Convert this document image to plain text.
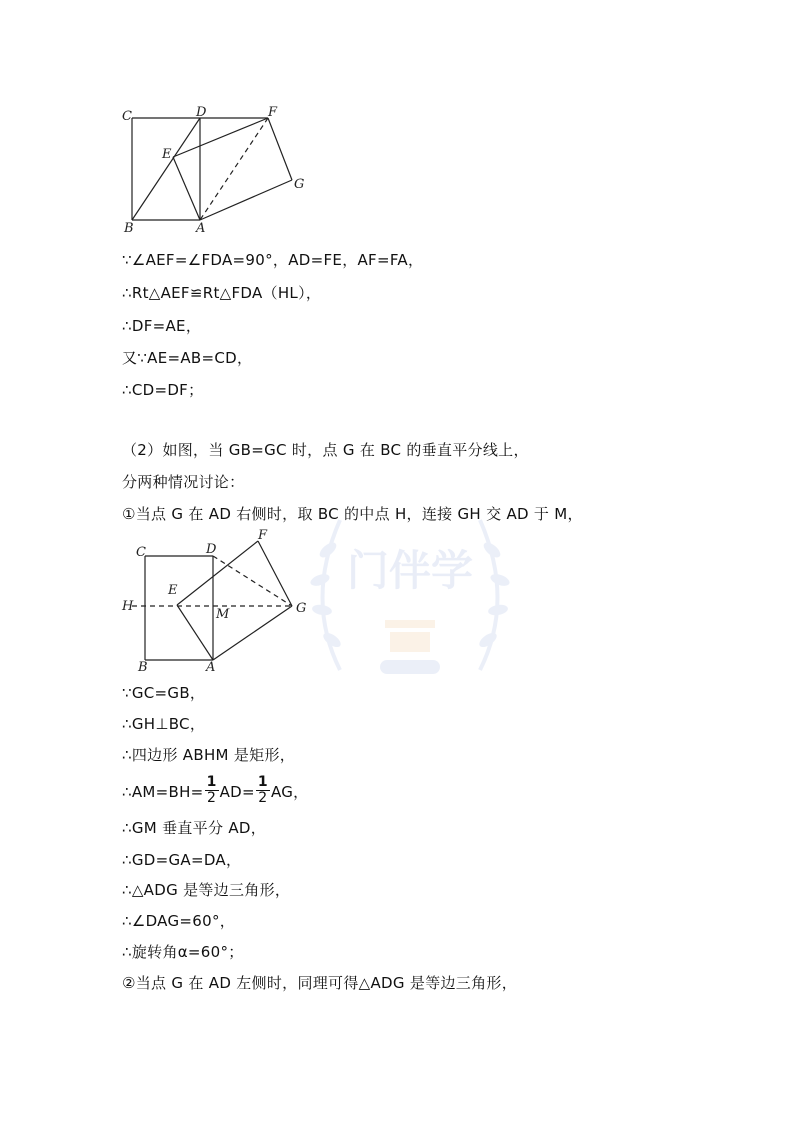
C	D	F
E
G
B	A
∵∠AEF=∠FDA=90°，AD=FE，AF=FA，
∴Rt△AEF≌Rt△FDA（HL），
∴DF=AE，
又∵AE=AB=CD，
∴CD=DF；
（2）如图，当 GB=GC 时，点 G 在 BC 的垂直平分线上，
分两种情况讨论：
①当点 G 在 AD 右侧时，取 BC 的中点 H，连接 GH 交 AD 于 M，
门伴学
C	D
F
E
H
M	G
B	A
∵GC=GB，
∴GH⊥BC，
∴四边形 ABHM 是矩形，
∴AM=BH= $\frac{1}{2} AD= \frac{1}{2}$ AG，
∴GM 垂直平分 AD，
∴GD=GA=DA，
∴△ADG 是等边三角形，
∴∠DAG=60°，
∴旋转角α=60°；
②当点 G 在 AD 左侧时，同理可得△ADG 是等边三角形，
